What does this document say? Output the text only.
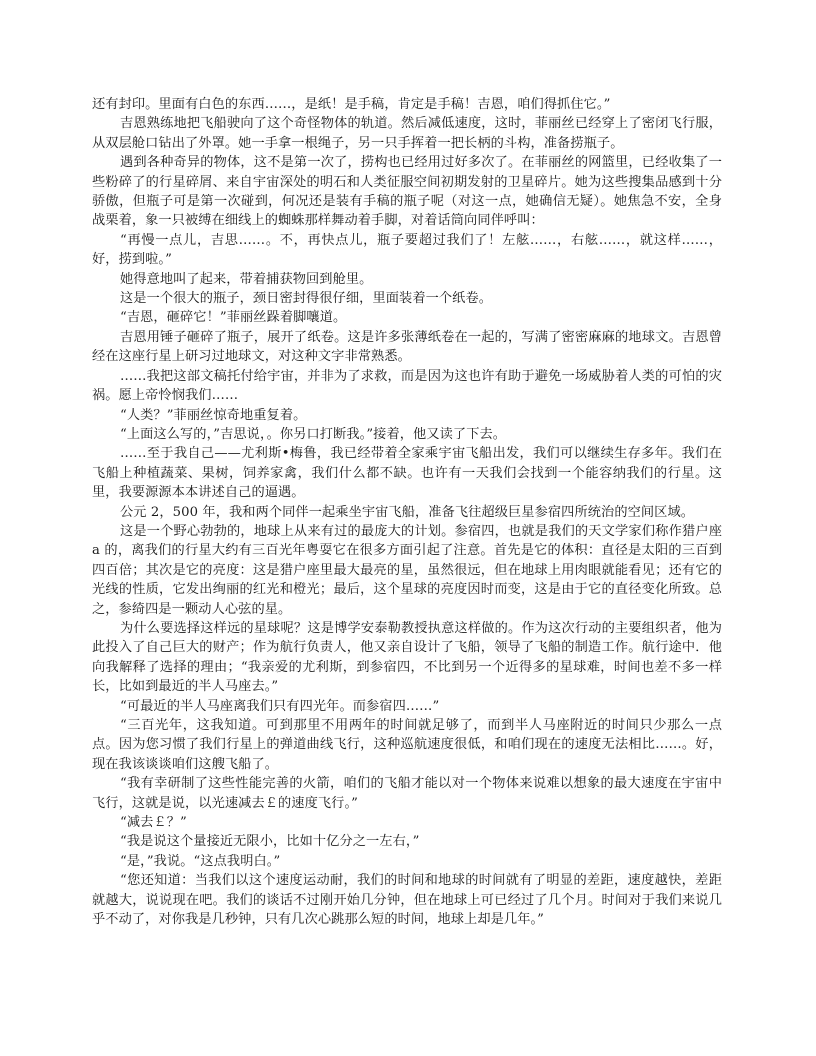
还有封印。里面有白色的东西……，是纸！是手稿，肯定是手稿！吉恩，咱们得抓住它。”

吉恩熟练地把飞船驶向了这个奇怪物体的轨道。然后减低速度，这时，菲丽丝已经穿上了密闭飞行服，从双层舱口钻出了外罩。她一手拿一根绳子，另一只手挥着一把长柄的斗构，准备捞瓶子。

遇到各种奇异的物体，这不是第一次了，捞构也已经用过好多次了。在菲丽丝的网篮里，已经收集了一些粉碎了的行星碎屑、来自宇宙深处的明石和人类征服空间初期发射的卫星碎片。她为这些搜集品感到十分骄傲，但瓶子可是第一次碰到，何况还是装有手稿的瓶子呢（对这一点，她确信无疑）。她焦急不安，全身战栗着，象一只被缚在细线上的蜘蛛那样舞动着手脚，对着话筒向同伴呼叫：

“再慢一点儿，吉思……。不，再快点儿，瓶子要超过我们了！左舷……，右舷……，就这样……，好，捞到啦。”

她得意地叫了起来，带着捕获物回到舱里。

这是一个很大的瓶子，颈日密封得很仔细，里面装着一个纸卷。

“吉恩，砸碎它！”菲丽丝跺着脚嚷道。

吉恩用锤子砸碎了瓶子，展开了纸卷。这是许多张薄纸卷在一起的，写满了密密麻麻的地球文。吉恩曾经在这座行星上研习过地球文，对这种文字非常熟悉。

……我把这部文稿托付给宇宙，并非为了求救，而是因为这也许有助于避免一场威胁着人类的可怕的灾祸。愿上帝怜悯我们……

“人类？”菲丽丝惊奇地重复着。

“上面这么写的，”吉思说，。你另口打断我。”接着，他又读了下去。

……至于我自己——尤利斯•梅鲁，我已经带着全家乘宇宙飞船出发，我们可以继续生存多年。我们在飞船上种植蔬菜、果树，饲养家禽，我们什么都不缺。也许有一天我们会找到一个能容纳我们的行星。这里，我要源源本本讲述自己的逼遇。

公元 2，500 年，我和两个同伴一起乘坐宇宙飞船，准备飞往超级巨星参宿四所统治的空间区域。

这是一个野心勃勃的，地球上从来有过的最庞大的计划。参宿四，也就是我们的天文学家们称作猎户座 a 的，离我们的行星大约有三百光年粤耍它在很多方面引起了注意。首先是它的体积：直径是太阳的三百到四百倍；其次是它的亮度：这是猎户座里最大最亮的星，虽然很远，但在地球上用肉眼就能看见；还有它的光线的性质，它发出绚丽的红光和橙光；最后，这个星球的亮度因时而变，这是由于它的直径变化所致。总之，参绮四是一颗动人心弦的星。

为什么要选择这样远的星球呢？这是博学安泰勒教授执意这样做的。作为这次行动的主要组织者，他为此投入了自己巨大的财产；作为航行负责人，他又亲自设计了飞船，领导了飞船的制造工作。航行途中．他向我解释了选择的理由；“我亲爱的尤利斯，到参宿四，不比到另一个近得多的星球难，时间也差不多一样长，比如到最近的半人马座去。”

“可最近的半人马座离我们只有四光年。而参宿四……”

“三百光年，这我知道。可到那里不用两年的时间就足够了，而到半人马座附近的时间只少那么一点点。因为您习惯了我们行星上的弹道曲线飞行，这种巡航速度很低，和咱们现在的速度无法相比……。好，现在我该谈谈咱们这艘飞船了。

“我有幸研制了这些性能完善的火箭，咱们的飞船才能以对一个物体来说难以想象的最大速度在宇宙中飞行，这就是说，以光速减去￡的速度飞行。”

“减去￡？”

“我是说这个量接近无限小，比如十亿分之一左右，”

“是，”我说。“这点我明白。”

“您还知道：当我们以这个速度运动耐，我们的时间和地球的时间就有了明显的差距，速度越快，差距就越大，说说现在吧。我们的谈话不过刚开始几分钟，但在地球上可已经过了几个月。时间对于我们来说几乎不动了，对你我是几秒钟，只有几次心跳那么短的时间，地球上却是几年。”
